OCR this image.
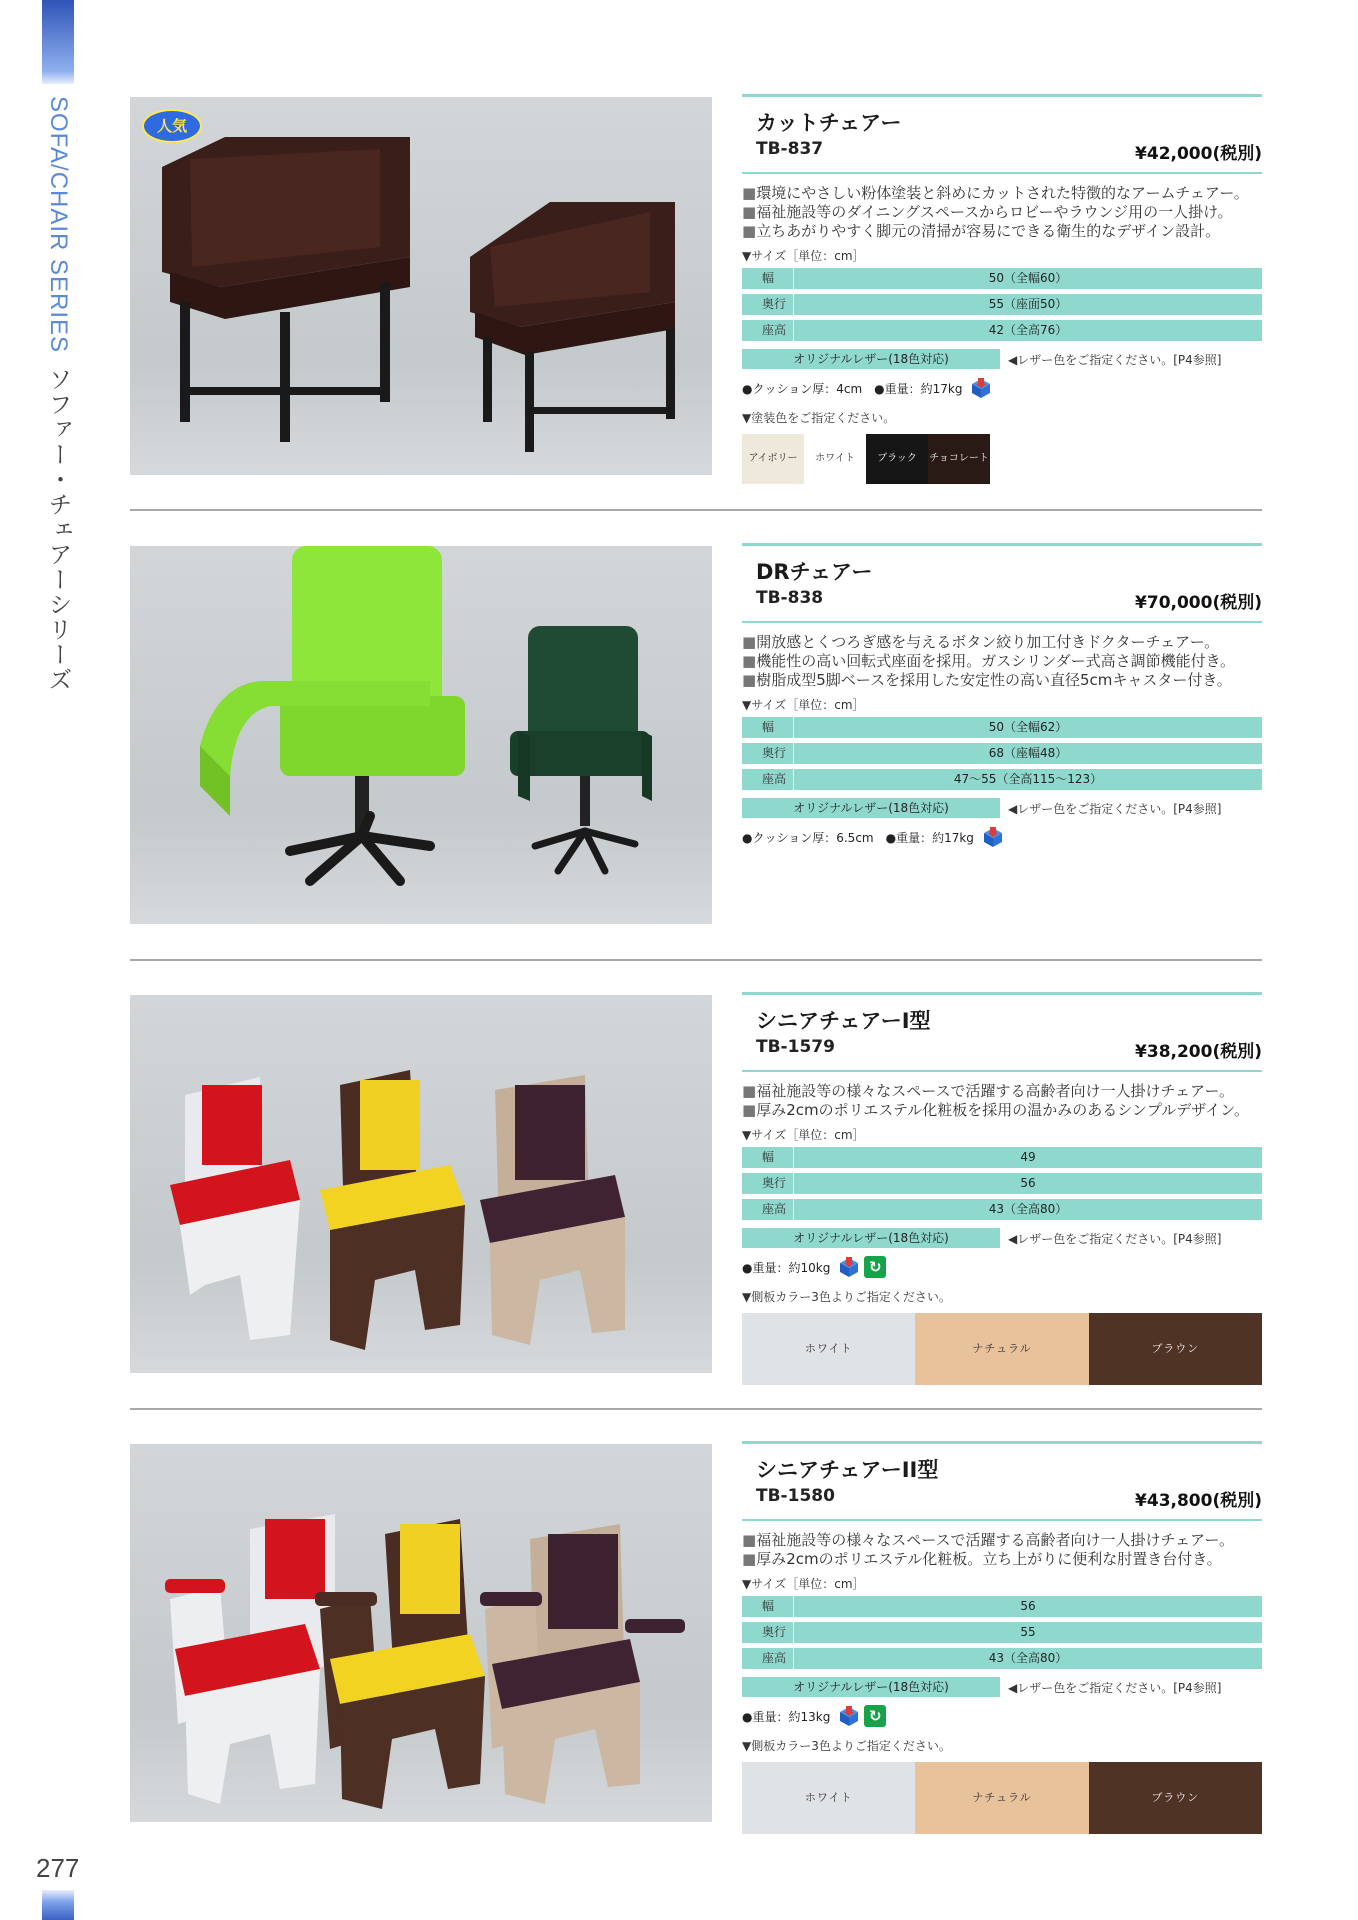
SOFA/CHAIR SERIESソファー・チェアーシリーズ
277
人気	カットチェアー
TB-837	¥42,000(税別)
■ 環境にやさしい粉体塗装と斜めにカットされた特徴的なアームチェアー。
■ 福祉施設等のダイニングスペースからロビーやラウンジ用の一人掛け。
■ 立ちあがりやすく脚元の清掃が容易にできる衛生的なデザイン設計。
▼サイズ［単位：cm］
幅	50（全幅60）
奥行	55（座面50）
座高	42（全高76）
オリジナルレザー(18色対応)	◀レザー色をご指定ください。[P4参照]
●クッション厚：4cm ●重量：約17kg
▼塗装色をご指定ください。
アイボリー	ホワイト	ブラック	チョコレート
DRチェアー
TB-838	¥70,000(税別)
■ 開放感とくつろぎ感を与えるボタン絞り加工付きドクターチェアー。
■ 機能性の高い回転式座面を採用。ガスシリンダー式高さ調節機能付き。
■ 樹脂成型5脚ベースを採用した安定性の高い直径5cmキャスター付き。
▼サイズ［単位：cm］
幅	50（全幅62）
奥行	68（座幅48）
座高	47〜55（全高115〜123）
オリジナルレザー(18色対応)	◀レザー色をご指定ください。[P4参照]
●クッション厚：6.5cm ●重量：約17kg
シニアチェアーI型
TB-1579	¥38,200(税別)
■ 福祉施設等の様々なスペースで活躍する高齢者向け一人掛けチェアー。
■ 厚み2cmのポリエステル化粧板を採用の温かみのあるシンプルデザイン。
▼サイズ［単位：cm］
幅	49
奥行	56
座高	43（全高80）
オリジナルレザー(18色対応)	◀レザー色をご指定ください。[P4参照]
●重量：約10kg	↻
▼側板カラー3色よりご指定ください。
ホワイト	ナチュラル	ブラウン
シニアチェアーII型
TB-1580	¥43,800(税別)
■ 福祉施設等の様々なスペースで活躍する高齢者向け一人掛けチェアー。
■ 厚み2cmのポリエステル化粧板。立ち上がりに便利な肘置き台付き。
▼サイズ［単位：cm］
幅	56
奥行	55
座高	43（全高80）
オリジナルレザー(18色対応)	◀レザー色をご指定ください。[P4参照]
●重量：約13kg	↻
▼側板カラー3色よりご指定ください。
ホワイト	ナチュラル	ブラウン
